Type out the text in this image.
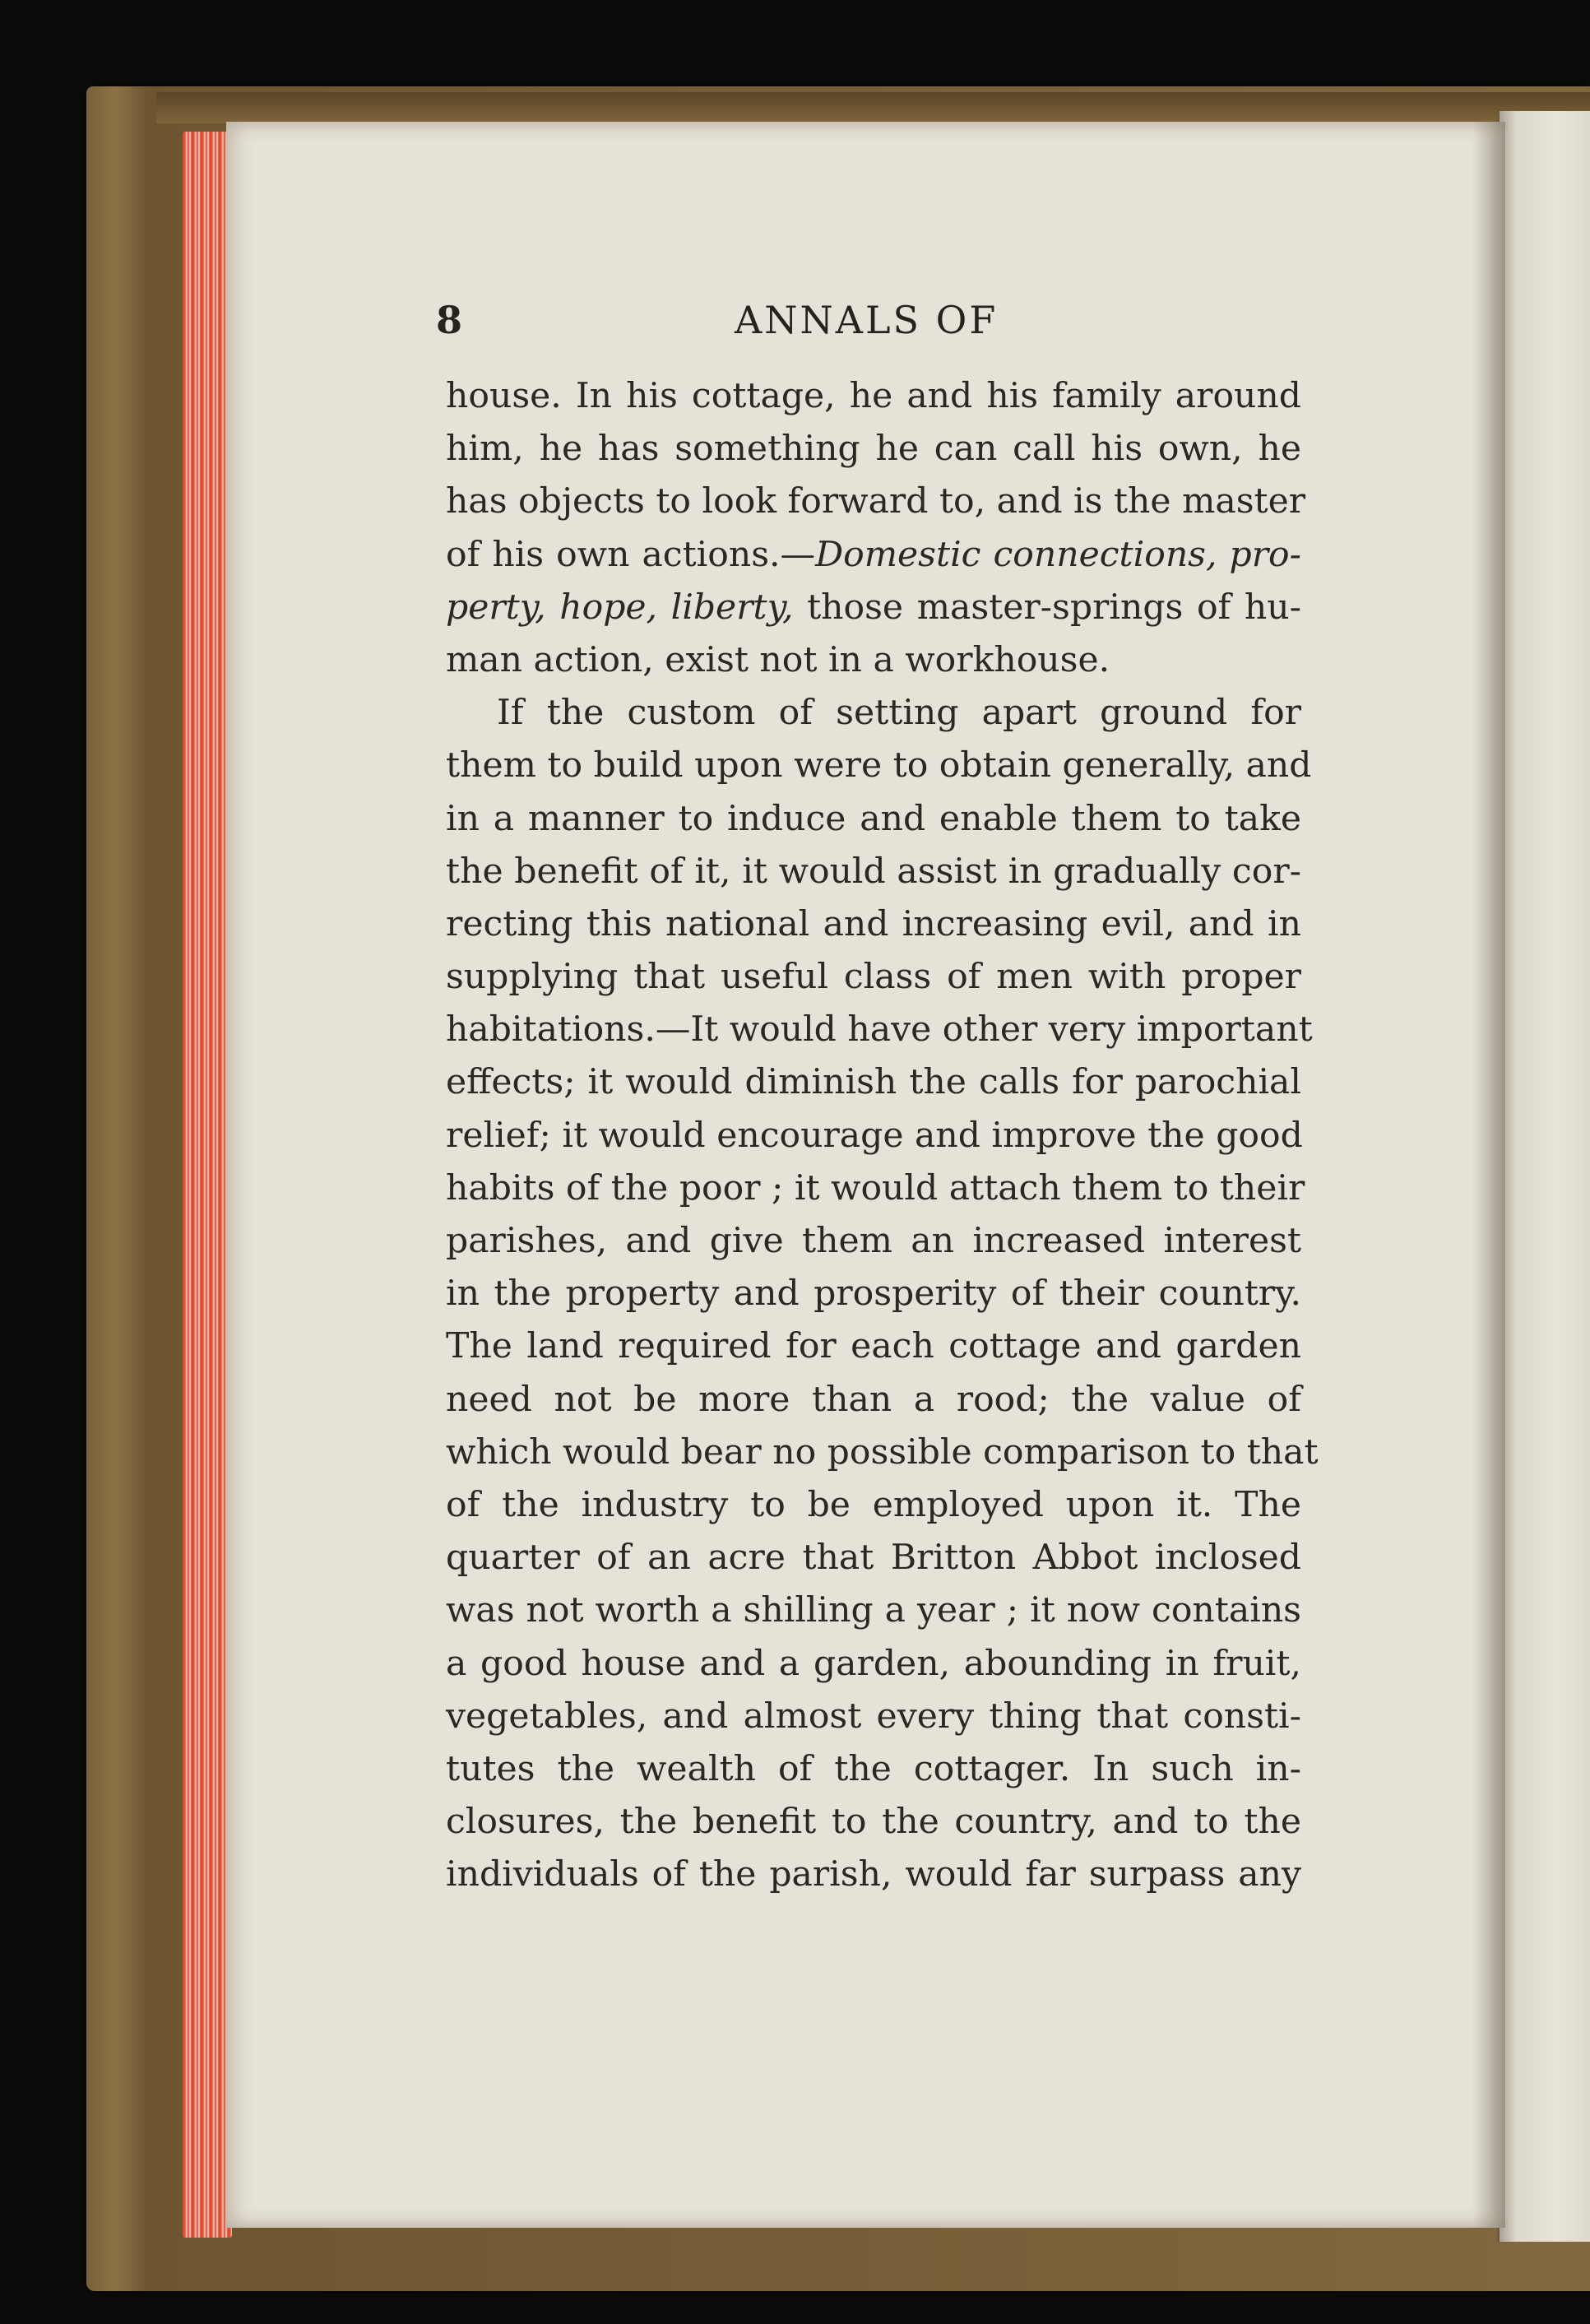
8	ANNALS OF
house. In his cottage, he and his family around
him, he has something he can call his own, he
has objects to look forward to, and is the master
of his own actions.—Domestic connections, pro-
perty, hope, liberty, those master-springs of hu-
man action, exist not in a workhouse.
If the custom of setting apart ground for
them to build upon were to obtain generally, and
in a manner to induce and enable them to take
the benefit of it, it would assist in gradually cor-
recting this national and increasing evil, and in
supplying that useful class of men with proper
habitations.—It would have other very important
effects; it would diminish the calls for parochial
relief; it would encourage and improve the good
habits of the poor ; it would attach them to their
parishes, and give them an increased interest
in the property and prosperity of their country.
The land required for each cottage and garden
need not be more than a rood; the value of
which would bear no possible comparison to that
of the industry to be employed upon it. The
quarter of an acre that Britton Abbot inclosed
was not worth a shilling a year ; it now contains
a good house and a garden, abounding in fruit,
vegetables, and almost every thing that consti-
tutes the wealth of the cottager. In such in-
closures, the benefit to the country, and to the
individuals of the parish, would far surpass any
